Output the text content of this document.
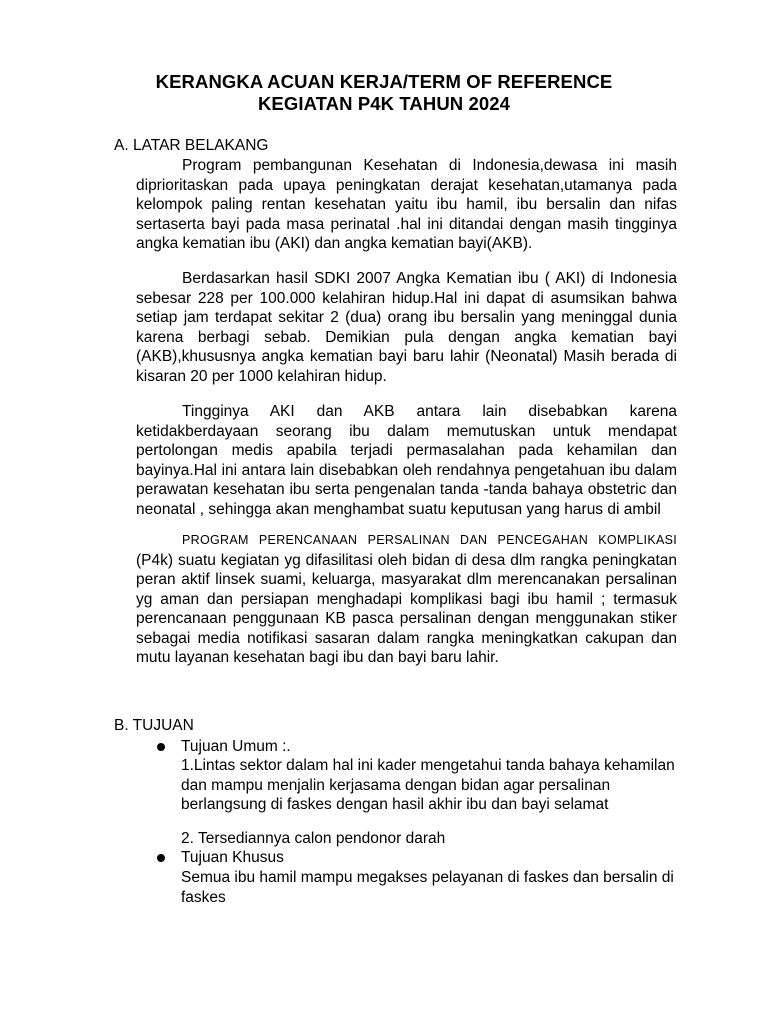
KERANGKA ACUAN KERJA/TERM OF REFERENCE
KEGIATAN P4K TAHUN 2024
A. LATAR BELAKANG

Program pembangunan Kesehatan di Indonesia,dewasa ini masih diprioritaskan pada upaya peningkatan derajat kesehatan,utamanya pada kelompok paling rentan kesehatan yaitu ibu hamil, ibu bersalin dan nifas sertaserta bayi pada masa perinatal .hal ini ditandai dengan masih tingginya angka kematian ibu (AKI) dan angka kematian bayi(AKB).

Berdasarkan hasil SDKI 2007 Angka Kematian ibu ( AKI) di Indonesia sebesar 228 per 100.000 kelahiran hidup.Hal ini dapat di asumsikan bahwa setiap jam terdapat sekitar 2 (dua) orang ibu bersalin yang meninggal dunia karena berbagi sebab. Demikian pula dengan angka kematian bayi (AKB),khususnya angka kematian bayi baru lahir (Neonatal) Masih berada di kisaran 20 per 1000 kelahiran hidup.

Tingginya AKI dan AKB antara lain disebabkan karena ketidakberdayaan seorang ibu dalam memutuskan untuk mendapat pertolongan medis apabila terjadi permasalahan pada kehamilan dan bayinya.Hal ini antara lain disebabkan oleh rendahnya pengetahuan ibu dalam perawatan kesehatan ibu serta pengenalan tanda -tanda bahaya obstetric dan neonatal , sehingga akan menghambat suatu keputusan yang harus di ambil

PROGRAM PERENCANAAN PERSALINAN DAN PENCEGAHAN KOMPLIKASI (P4k) suatu kegiatan yg difasilitasi oleh bidan di desa dlm rangka peningkatan peran aktif linsek suami, keluarga, masyarakat dlm merencanakan persalinan yg aman dan persiapan menghadapi komplikasi bagi ibu hamil ; termasuk perencanaan penggunaan KB pasca persalinan dengan menggunakan stiker sebagai media notifikasi sasaran dalam rangka meningkatkan cakupan dan mutu layanan kesehatan bagi ibu dan bayi baru lahir.

B. TUJUAN
Tujuan Umum :.

1.Lintas sektor dalam hal ini kader mengetahui tanda bahaya kehamilan dan mampu menjalin kerjasama dengan bidan agar persalinan berlangsung di faskes dengan hasil akhir ibu dan bayi selamat

2. Tersediannya calon pendonor darah

Tujuan Khusus

Semua ibu hamil mampu megakses pelayanan di faskes dan bersalin di faskes
